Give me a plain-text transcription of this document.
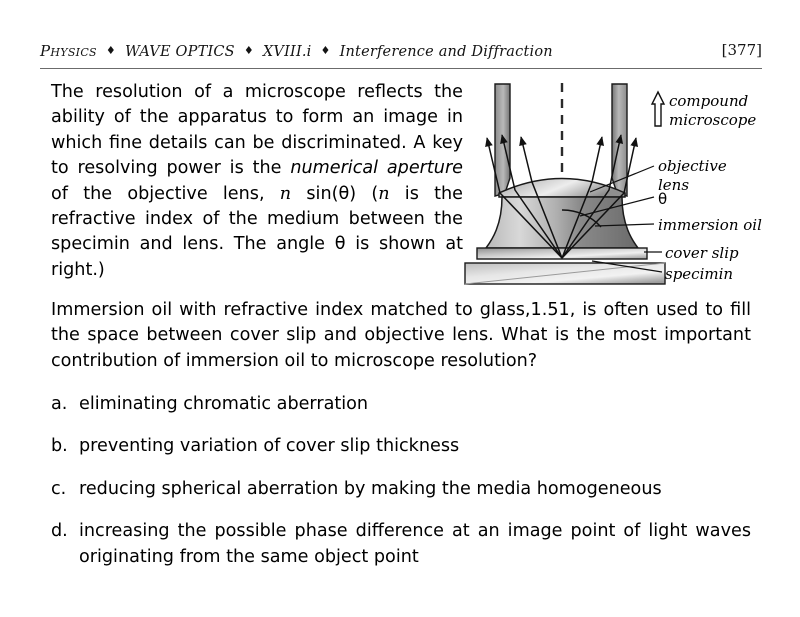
Physics ♦ WAVE OPTICS ♦ XVIII.i ♦ Interference and Diffraction	[377]
The resolution of a microscope reflects the ability of the apparatus to form an image in which fine details can be discriminated. A key to resolving power is the numerical aperture of the objective lens, n sin(θ) (n is the refractive index of the medium between the specimin and lens. The angle θ is shown at right.)
compound
microscope
objective
lens
θ
immersion oil
cover slip
specimin
Immersion oil with refractive index matched to glass,1.51, is often used to fill the space between cover slip and objective lens. What is the most important contribution of immersion oil to microscope resolution?
a. eliminating chromatic aberration
b. preventing variation of cover slip thickness
c. reducing spherical aberration by making the media homogeneous
d. increasing the possible phase difference at an image point of light waves originating from the same object point
